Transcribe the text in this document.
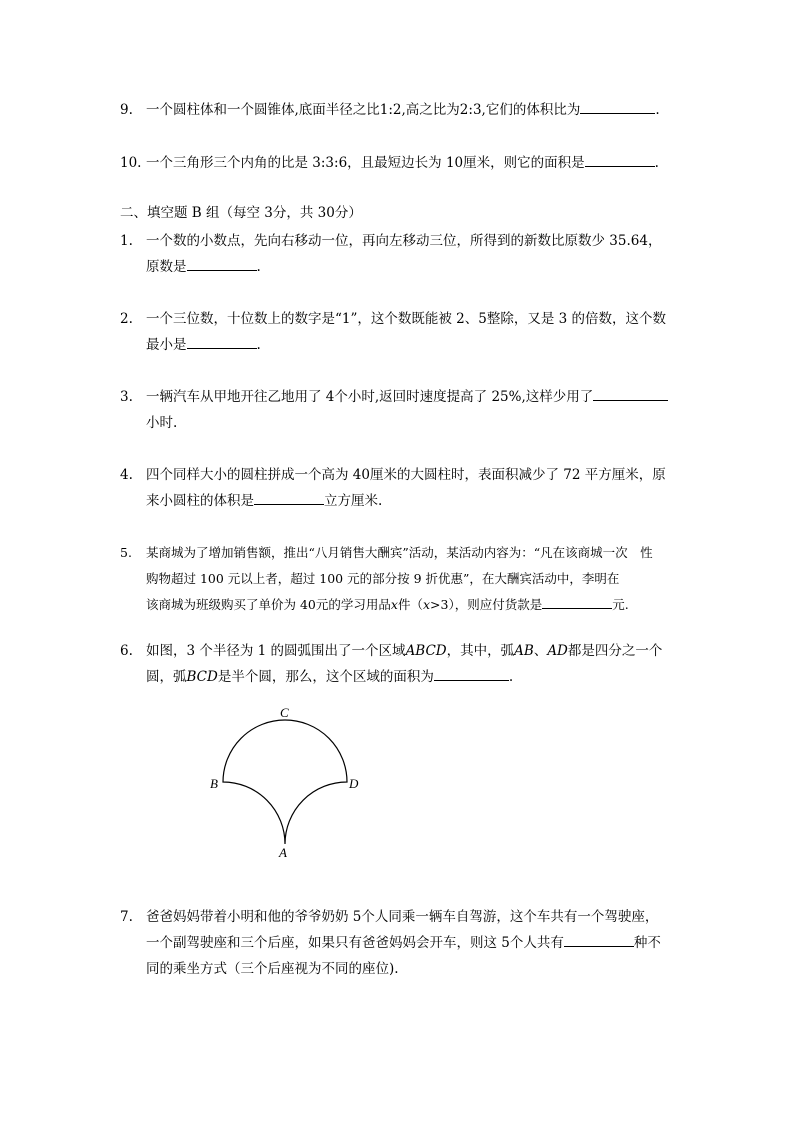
9. 一个圆柱体和一个圆锥体,底面半径之比1:2,高之比为2:3,它们的体积比为	.
10. 一个三角形三个内角的比是 3:3:6，且最短边长为 10厘米，则它的面积是	.
二、填空题 B 组（每空 3分，共 30分）
1. 一个数的小数点，先向右移动一位，再向左移动三位，所得到的新数比原数少 35.64，
原数是	.
2. 一个三位数，十位数上的数字是“1”，这个数既能被 2、5整除，又是 3 的倍数，这个数
最小是	.
3. 一辆汽车从甲地开往乙地用了 4个小时,返回时速度提高了 25%,这样少用了
小时.
4. 四个同样大小的圆柱拼成一个高为 40厘米的大圆柱时，表面积减少了 72 平方厘米，原
来小圆柱的体积是	立方厘米.
5. 某商城为了增加销售额，推出“八月销售大酬宾”活动，某活动内容为：“凡在该商城一次　性
购物超过 100 元以上者，超过 100 元的部分按 9 折优惠”，在大酬宾活动中，李明在
该商城为班级购买了单价为 40元的学习用品x件（x>3），则应付货款是	元.
6. 如图，3 个半径为 1 的圆弧围出了一个区域ABCD，其中，弧AB、AD都是四分之一个
圆，弧BCD是半个圆，那么，这个区域的面积为	.
C
B	D
A
7. 爸爸妈妈带着小明和他的爷爷奶奶 5个人同乘一辆车自驾游，这个车共有一个驾驶座，
一个副驾驶座和三个后座，如果只有爸爸妈妈会开车，则这 5个人共有	种不
同的乘坐方式（三个后座视为不同的座位).
